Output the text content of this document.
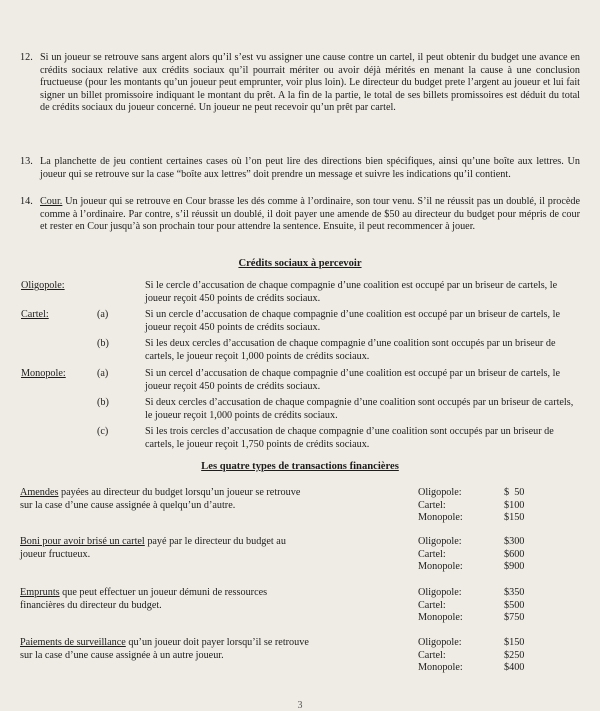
12. Si un joueur se retrouve sans argent alors qu’il s’est vu assigner une cause contre un cartel, il peut obtenir du budget une avance en crédits sociaux relative aux crédits sociaux qu’il pourrait mériter ou avoir déjà mérités en menant la cause à une conclusion fructueuse (pour les montants qu’un joueur peut emprunter, voir plus loin). Le directeur du budget prete l’argent au joueur et lui fait signer un billet promissoire indiquant le montant du prêt. A la fin de la partie, le total de ses billets promissoires est déduit du total de crédits sociaux du joueur concerné. Un joueur ne peut recevoir qu’un prêt par cartel.
13. La planchette de jeu contient certaines cases où l’on peut lire des directions bien spécifiques, ainsi qu’une boîte aux lettres. Un joueur qui se retrouve sur la case “boîte aux lettres” doit prendre un message et suivre les indications qu’il contient.
14. Cour. Un joueur qui se retrouve en Cour brasse les dés comme à l’ordinaire, son tour venu. S’il ne réussit pas un doublé, il procède comme à l’ordinaire. Par contre, s’il réussit un doublé, il doit payer une amende de $50 au directeur du budget pour mépris de cour et rester en Cour jusqu’à son prochain tour pour attendre la sentence. Ensuite, il peut recommencer à jouer.
Crédits sociaux à percevoir
Oligopole:	Si le cercle d’accusation de chaque compagnie d’une coalition est occupé par un briseur de cartels, le joueur reçoit 450 points de crédits sociaux.
Cartel:	(a)	Si un cercle d’accusation de chaque compagnie d’une coalition est occupé par un briseur de cartels, le joueur reçoit 450 points de crédits sociaux.
(b)	Si les deux cercles d’accusation de chaque compagnie d’une coalition sont occupés par un briseur de cartels, le joueur reçoit 1,000 points de crédits sociaux.
Monopole:	(a)	Si un cercel d’accusation de chaque compagnie d’une coalition est occupé par un briseur de cartels, le joueur reçoit 450 points de crédits sociaux.
(b)	Si deux cercles d’accusation de chaque compagnie d’une coalition sont occupés par un briseur de cartels, le joueur reçoit 1,000 points de crédits sociaux.
(c)	Si les trois cercles d’accusation de chaque compagnie d’une coalition sont occupés par un briseur de cartels, le joueur reçoit 1,750 points de crédits sociaux.
Les quatre types de transactions financières
Amendes payées au directeur du budget lorsqu’un joueur se retrouve sur la case d’une cause assignée à quelqu’un d’autre.
Oligopole:	$  50
Cartel:	$100
Monopole:	$150
Boni pour avoir brisé un cartel payé par le directeur du budget au joueur fructueux.
Oligopole:	$300
Cartel:	$600
Monopole:	$900
Emprunts que peut effectuer un joueur démuni de ressources financières du directeur du budget.
Oligopole:	$350
Cartel:	$500
Monopole:	$750
Paiements de surveillance qu’un joueur doit payer lorsqu’il se retrouve sur la case d’une cause assignée à un autre joueur.
Oligopole:	$150
Cartel:	$250
Monopole:	$400
3
